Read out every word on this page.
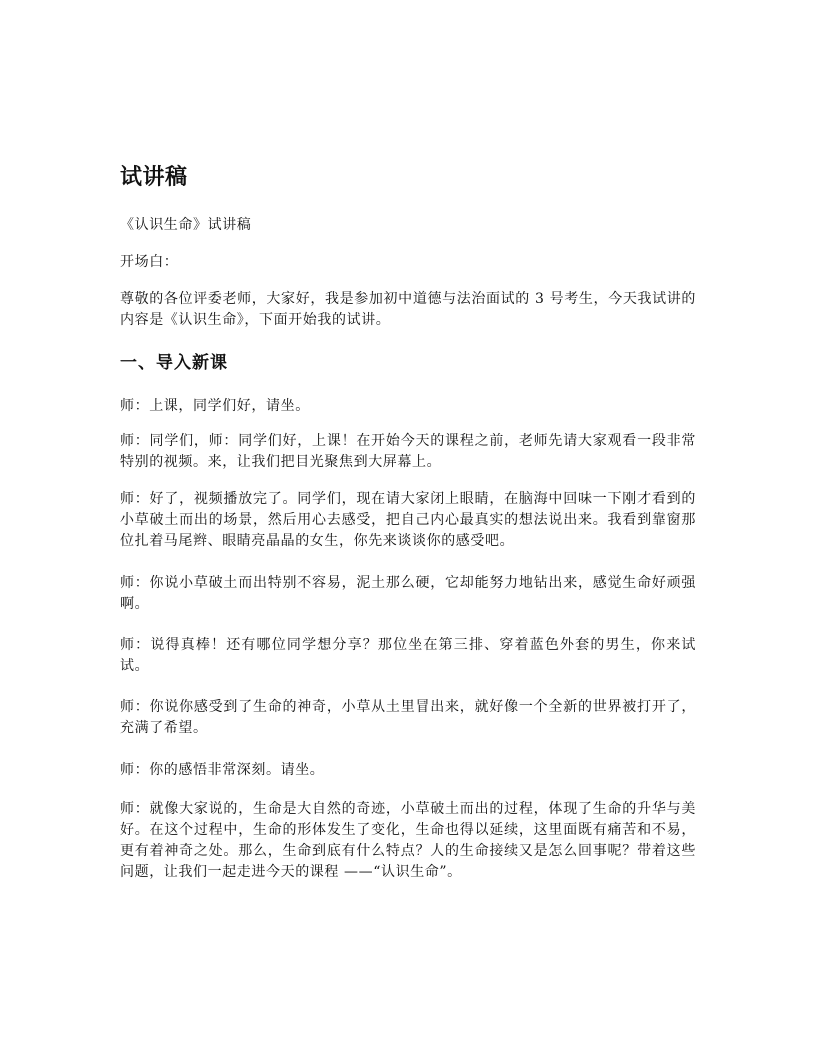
试讲稿

《认识生命》试讲稿

开场白：

尊敬的各位评委老师，大家好，我是参加初中道德与法治面试的 3 号考生，今天我试讲的内容是《认识生命》，下面开始我的试讲。

一、导入新课

师：上课，同学们好，请坐。

师：同学们，师：同学们好，上课！在开始今天的课程之前，老师先请大家观看一段非常特别的视频。来，让我们把目光聚焦到大屏幕上。

师：好了，视频播放完了。同学们，现在请大家闭上眼睛，在脑海中回味一下刚才看到的小草破土而出的场景，然后用心去感受，把自己内心最真实的想法说出来。我看到靠窗那位扎着马尾辫、眼睛亮晶晶的女生，你先来谈谈你的感受吧。

师：你说小草破土而出特别不容易，泥土那么硬，它却能努力地钻出来，感觉生命好顽强啊。

师：说得真棒！还有哪位同学想分享？那位坐在第三排、穿着蓝色外套的男生，你来试试。

师：你说你感受到了生命的神奇，小草从土里冒出来，就好像一个全新的世界被打开了，充满了希望。

师：你的感悟非常深刻。请坐。

师：就像大家说的，生命是大自然的奇迹，小草破土而出的过程，体现了生命的升华与美好。在这个过程中，生命的形体发生了变化，生命也得以延续，这里面既有痛苦和不易，更有着神奇之处。那么，生命到底有什么特点？人的生命接续又是怎么回事呢？带着这些问题，让我们一起走进今天的课程 ——“认识生命”。
